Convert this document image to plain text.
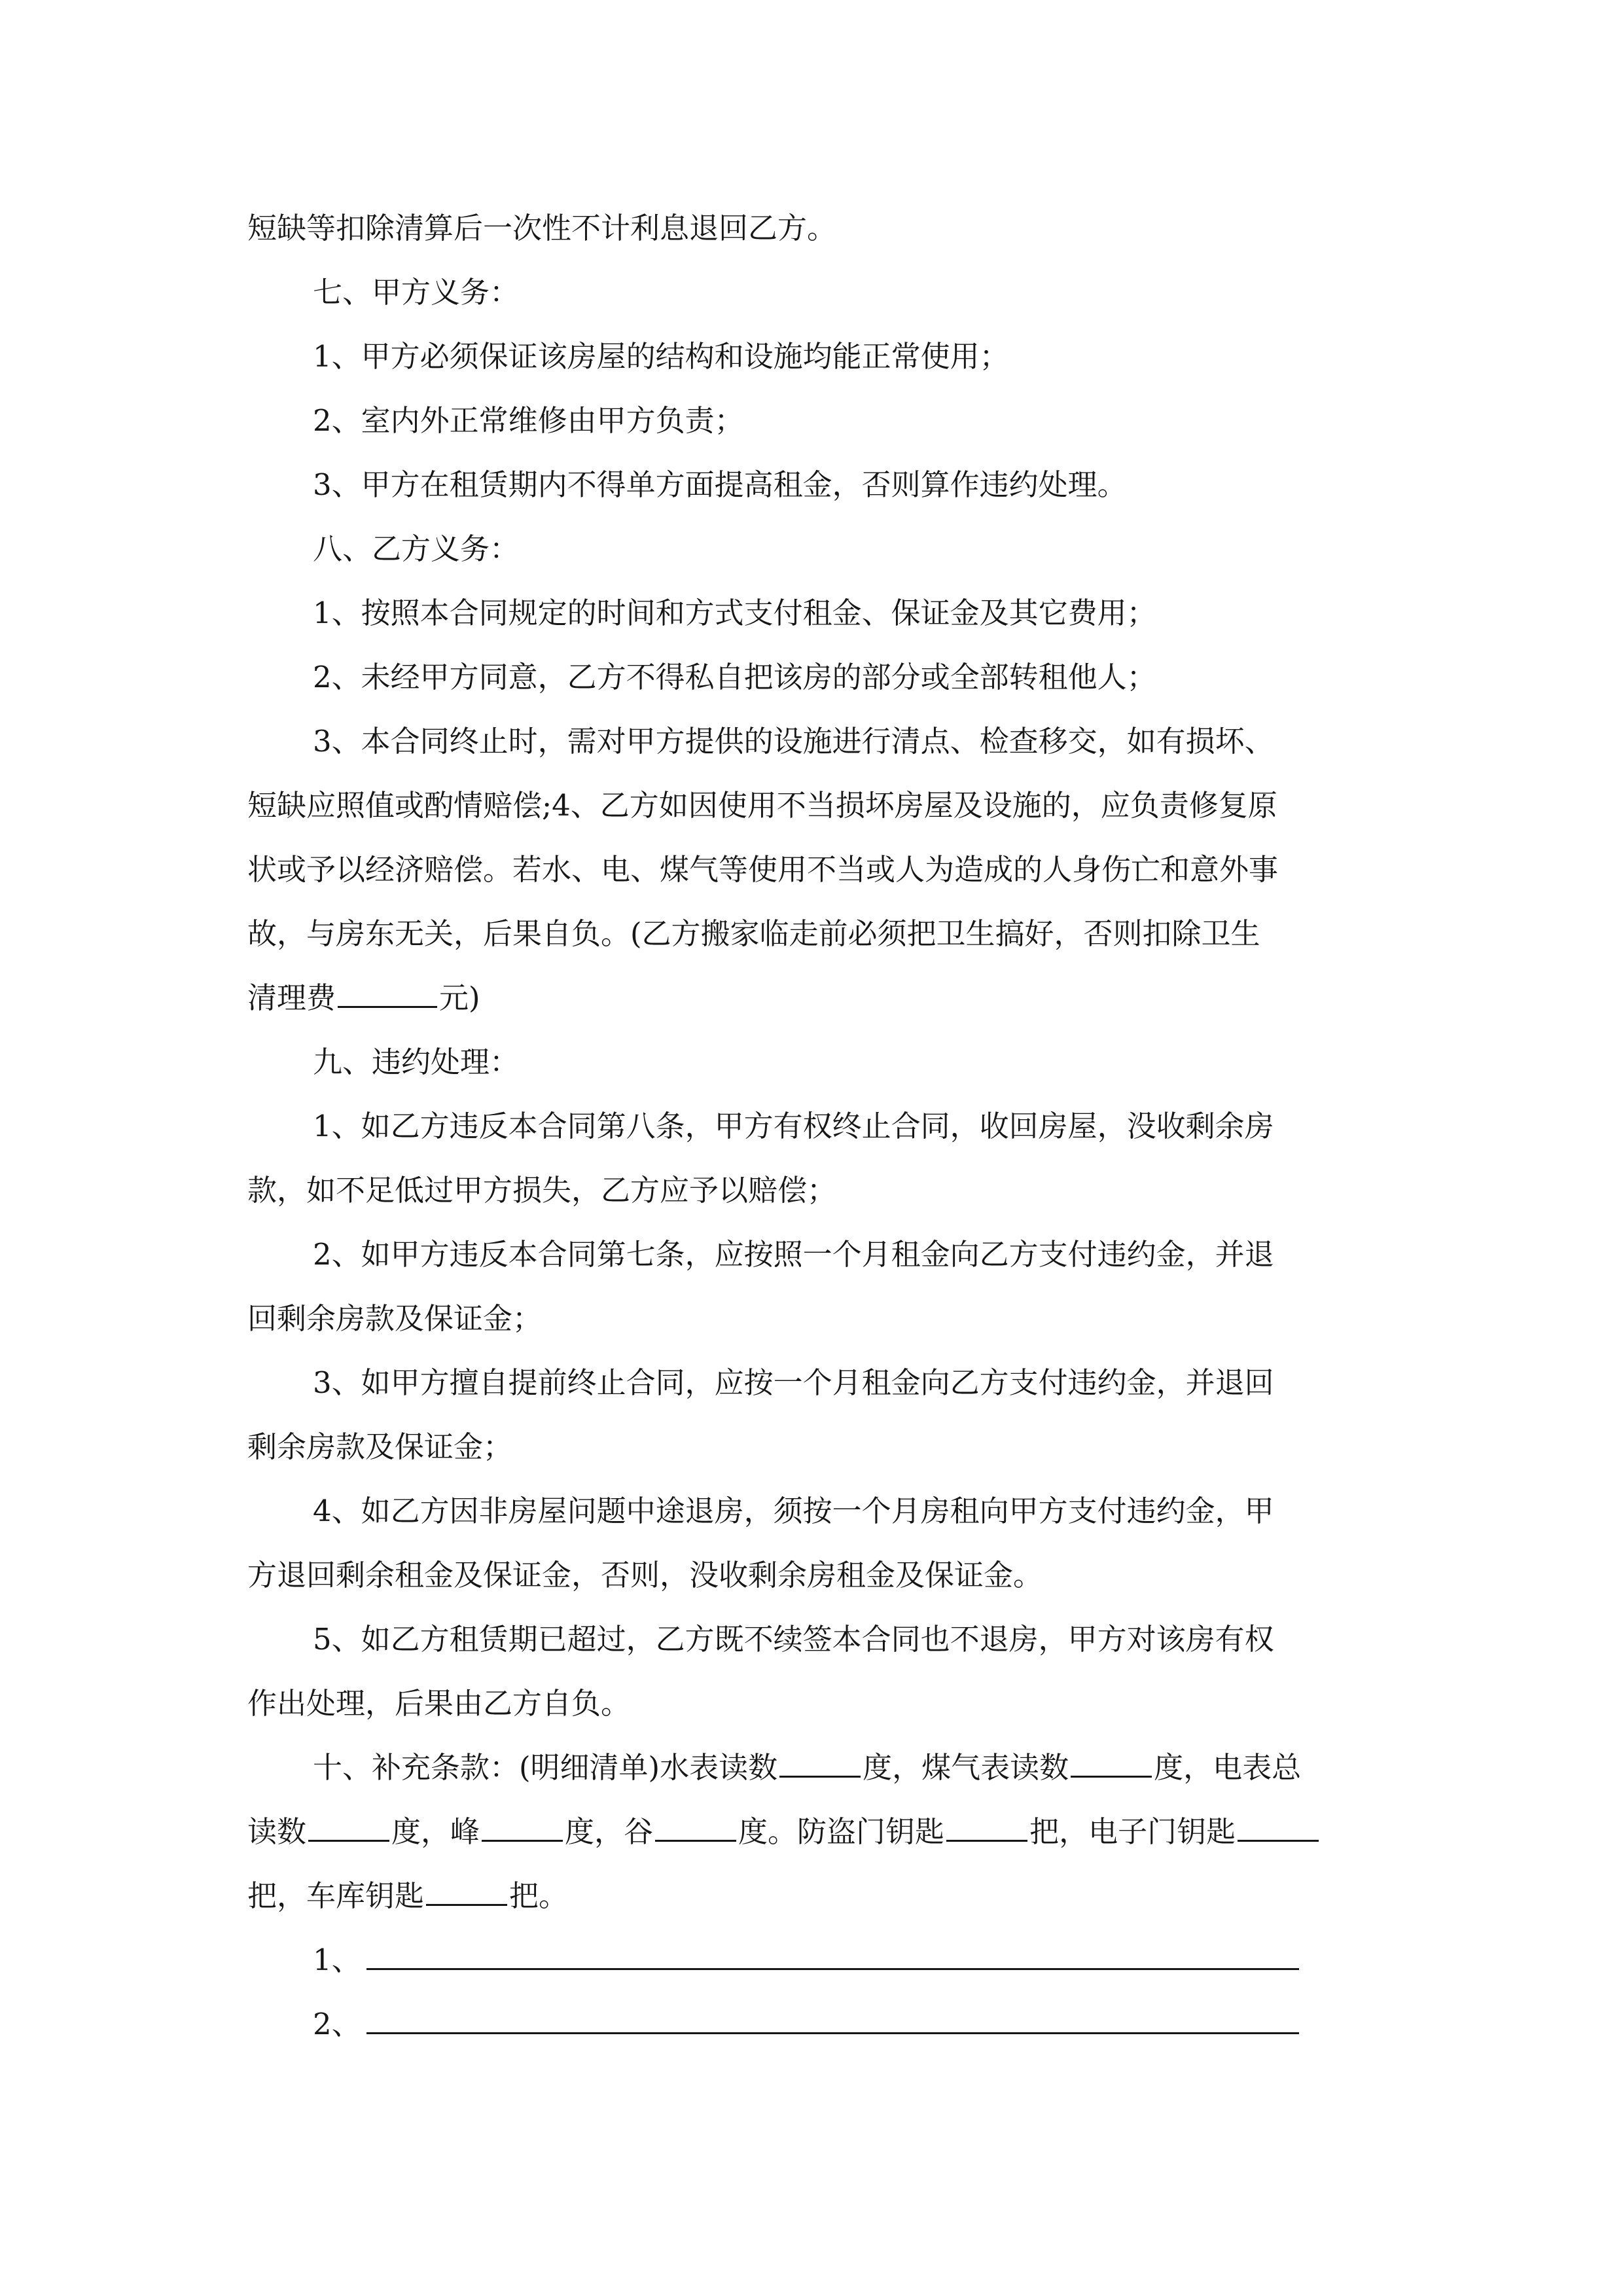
短缺等扣除清算后一次性不计利息退回乙方。
七、甲方义务：
1、甲方必须保证该房屋的结构和设施均能正常使用；
2、室内外正常维修由甲方负责；
3、甲方在租赁期内不得单方面提高租金，否则算作违约处理。
八、乙方义务：
1、按照本合同规定的时间和方式支付租金、保证金及其它费用；
2、未经甲方同意，乙方不得私自把该房的部分或全部转租他人；
3、本合同终止时，需对甲方提供的设施进行清点、检查移交，如有损坏、
短缺应照值或酌情赔偿;4、乙方如因使用不当损坏房屋及设施的，应负责修复原
状或予以经济赔偿。若水、电、煤气等使用不当或人为造成的人身伤亡和意外事
故，与房东无关，后果自负。(乙方搬家临走前必须把卫生搞好，否则扣除卫生
清理费	元)
九、违约处理：
1、如乙方违反本合同第八条，甲方有权终止合同，收回房屋，没收剩余房
款，如不足低过甲方损失，乙方应予以赔偿；
2、如甲方违反本合同第七条，应按照一个月租金向乙方支付违约金，并退
回剩余房款及保证金；
3、如甲方擅自提前终止合同，应按一个月租金向乙方支付违约金，并退回
剩余房款及保证金；
4、如乙方因非房屋问题中途退房，须按一个月房租向甲方支付违约金，甲
方退回剩余租金及保证金，否则，没收剩余房租金及保证金。
5、如乙方租赁期已超过，乙方既不续签本合同也不退房，甲方对该房有权
作出处理，后果由乙方自负。
十、补充条款：(明细清单)水表读数	度，煤气表读数	度，电表总
读数	度，峰	度，谷	度。防盗门钥匙	把，电子门钥匙
把，车库钥匙	把。
1、
2、
